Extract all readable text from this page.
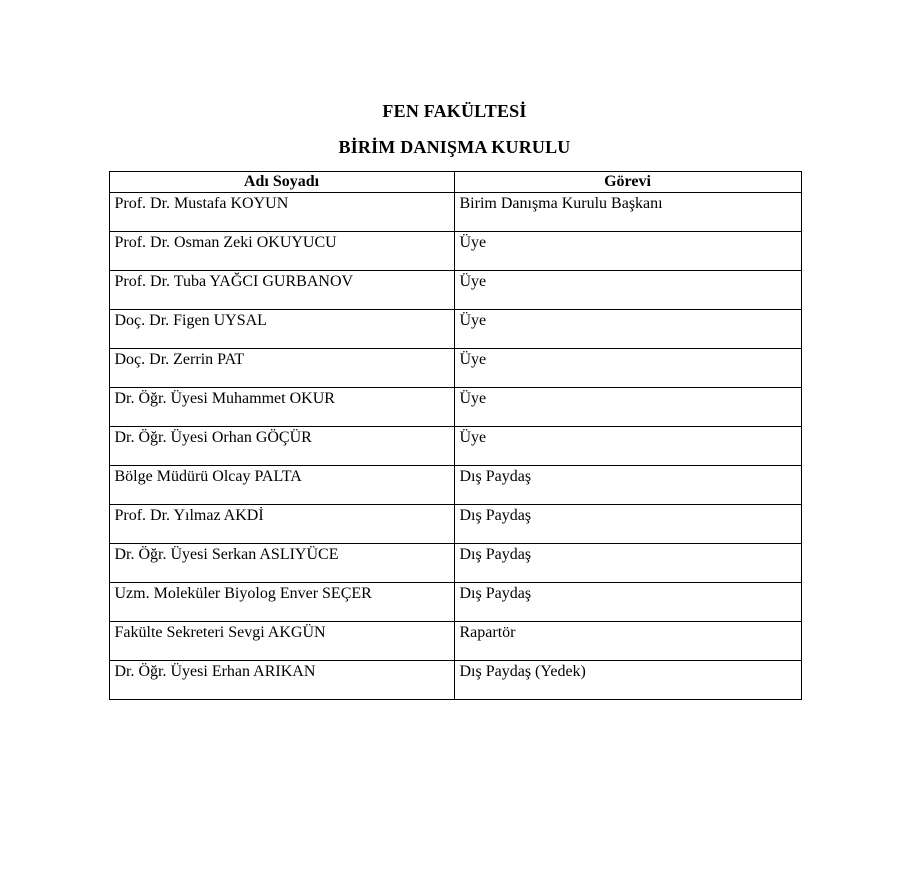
FEN FAKÜLTESİ
BİRİM DANIŞMA KURULU
Adı Soyadı	Görevi
Prof. Dr. Mustafa KOYUN	Birim Danışma Kurulu Başkanı
Prof. Dr. Osman Zeki OKUYUCU	Üye
Prof. Dr. Tuba YAĞCI GURBANOV	Üye
Doç. Dr. Figen UYSAL	Üye
Doç. Dr. Zerrin PAT	Üye
Dr. Öğr. Üyesi Muhammet OKUR	Üye
Dr. Öğr. Üyesi Orhan GÖÇÜR	Üye
Bölge Müdürü Olcay PALTA	Dış Paydaş
Prof. Dr. Yılmaz AKDİ	Dış Paydaş
Dr. Öğr. Üyesi Serkan ASLIYÜCE	Dış Paydaş
Uzm. Moleküler Biyolog Enver SEÇER	Dış Paydaş
Fakülte Sekreteri Sevgi AKGÜN	Rapartör
Dr. Öğr. Üyesi Erhan ARIKAN	Dış Paydaş (Yedek)
